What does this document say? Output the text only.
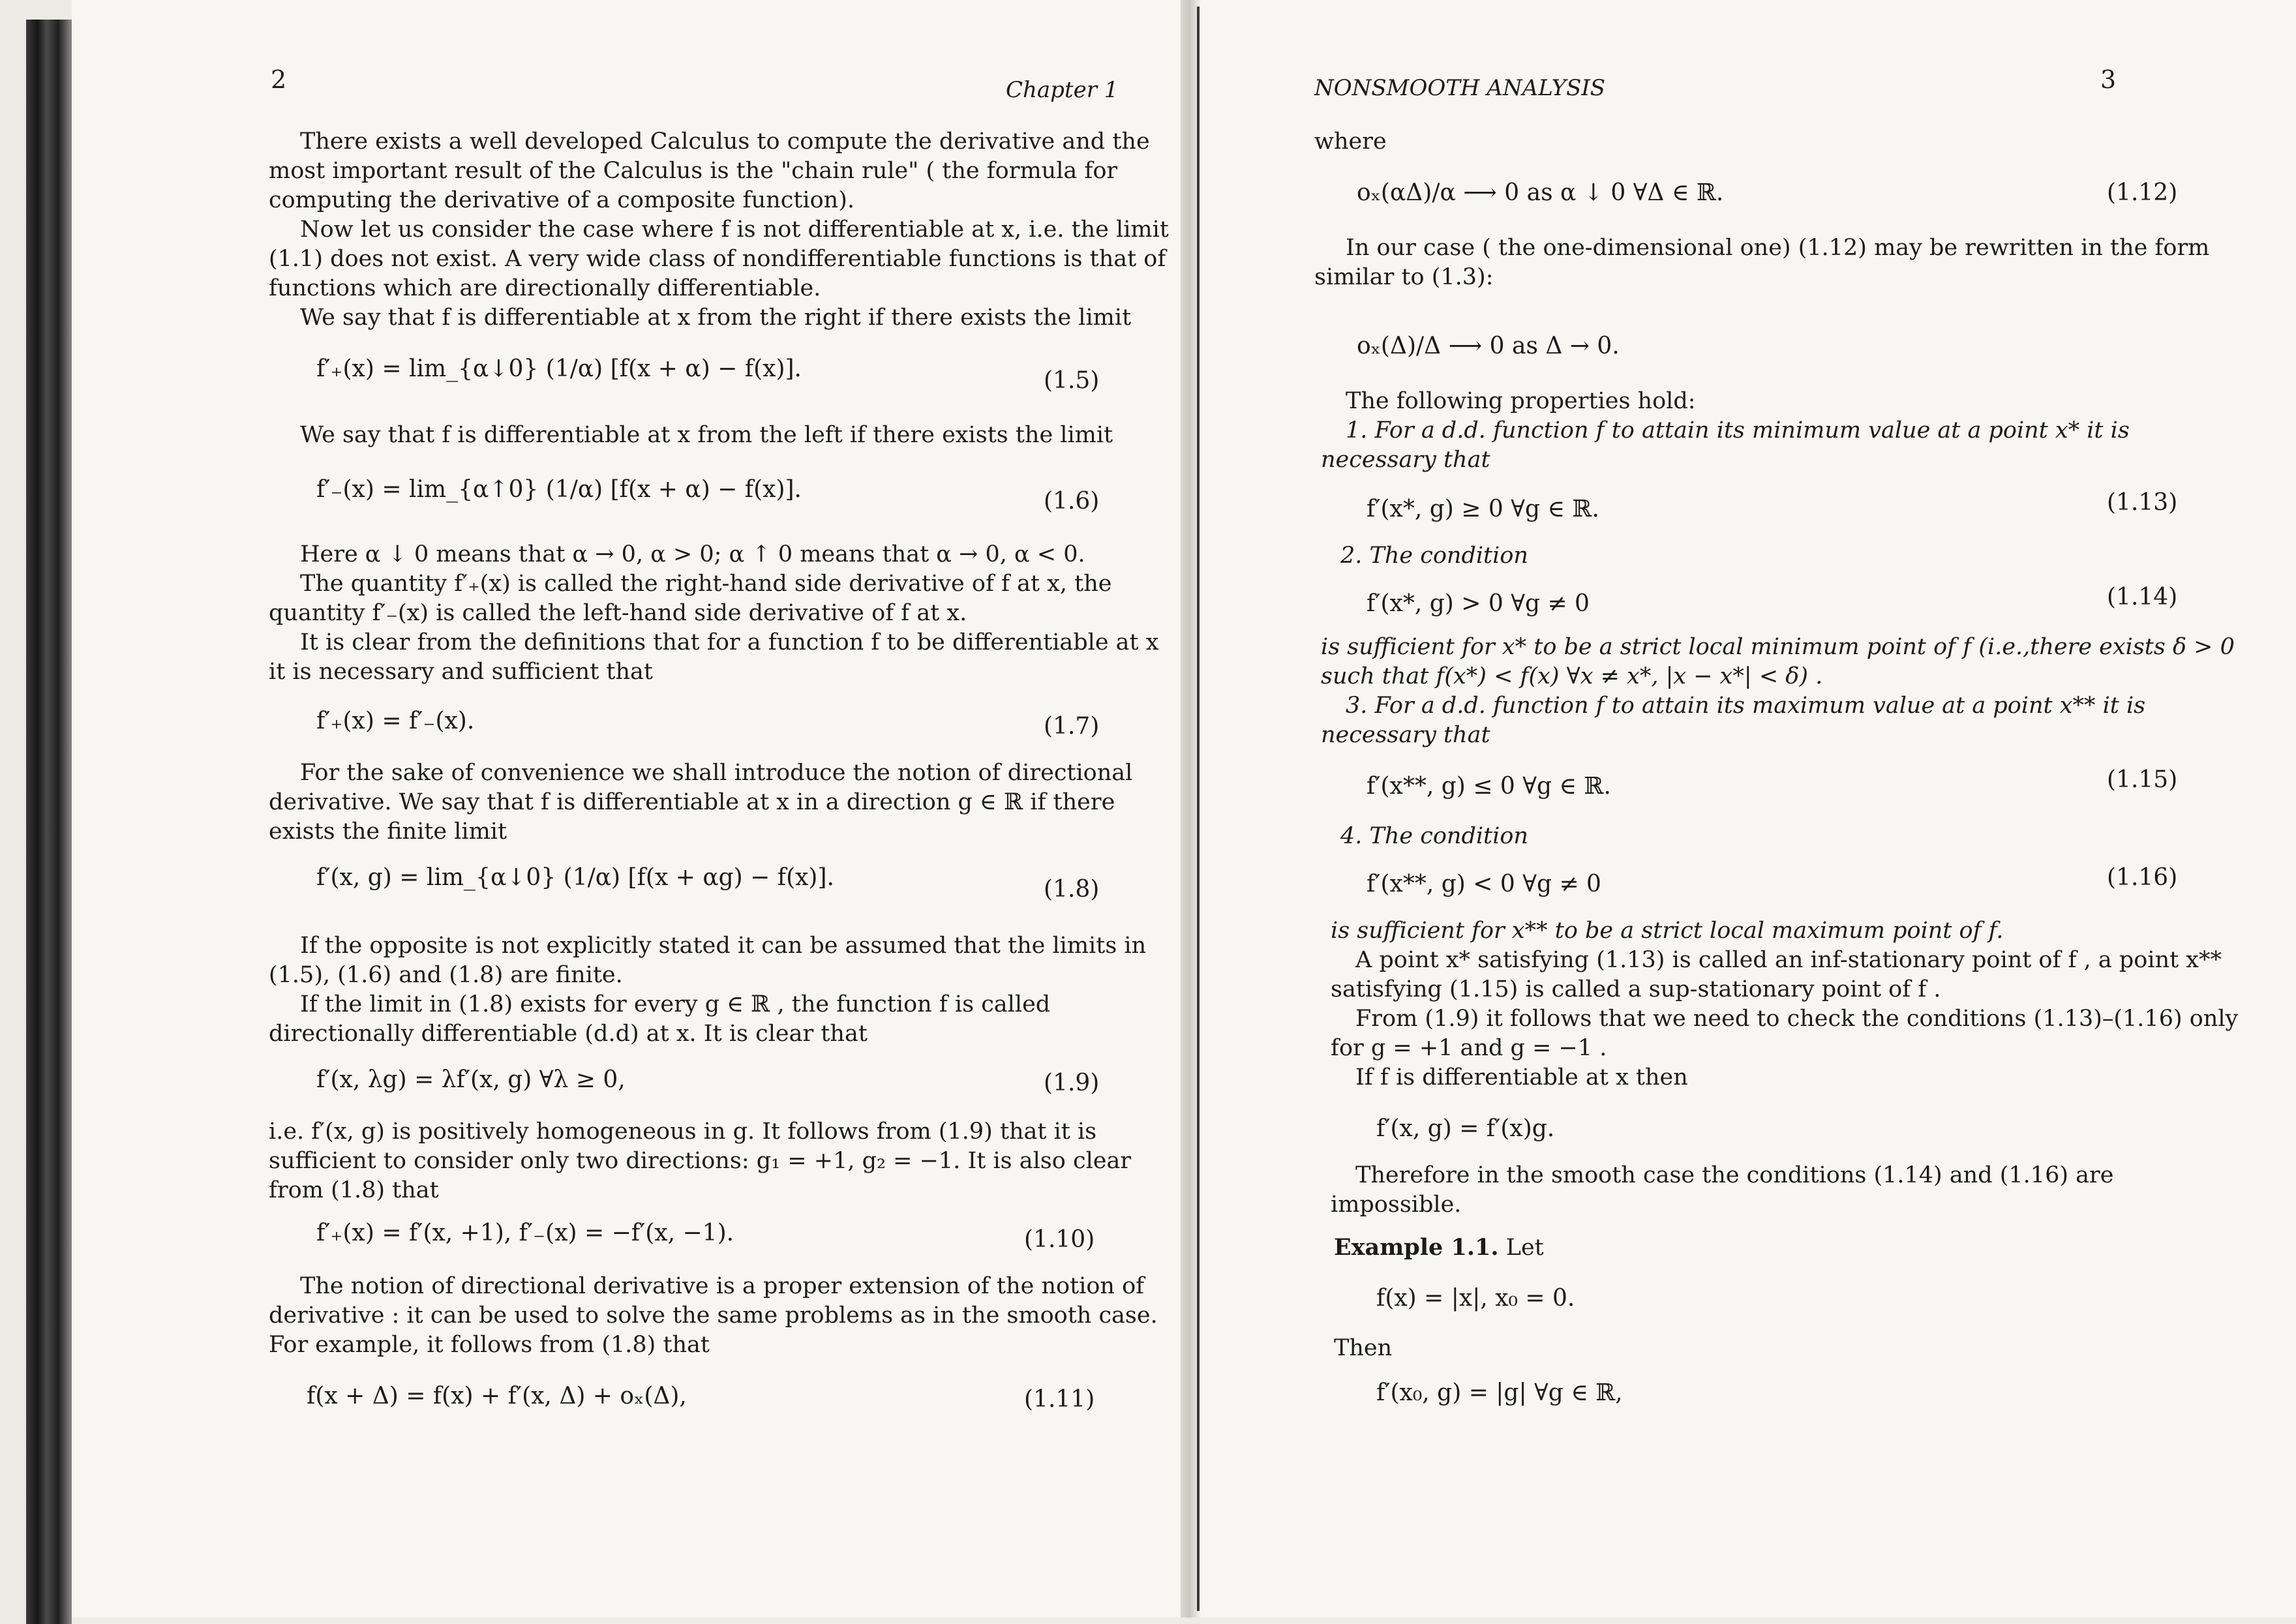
2	Chapter 1

There exists a well developed Calculus to compute the derivative and the most important result of the Calculus is the "chain rule" ( the formula for computing the derivative of a composite function).

Now let us consider the case where f is not differentiable at x, i.e. the limit (1.1) does not exist. A very wide class of nondifferentiable functions is that of functions which are directionally differentiable.

We say that f is differentiable at x from the right if there exists the limit

f′₊(x) = lim_{α↓0} (1/α) [f(x + α) − f(x)].	(1.5)

We say that f is differentiable at x from the left if there exists the limit

f′₋(x) = lim_{α↑0} (1/α) [f(x + α) − f(x)].	(1.6)

Here α ↓ 0 means that α → 0, α > 0; α ↑ 0 means that α → 0, α < 0.

The quantity f′₊(x) is called the right-hand side derivative of f at x, the quantity f′₋(x) is called the left-hand side derivative of f at x.

It is clear from the definitions that for a function f to be differentiable at x it is necessary and sufficient that

f′₊(x) = f′₋(x).	(1.7)

For the sake of convenience we shall introduce the notion of directional derivative. We say that f is differentiable at x in a direction g ∈ ℝ if there exists the finite limit

f′(x, g) = lim_{α↓0} (1/α) [f(x + αg) − f(x)].	(1.8)

If the opposite is not explicitly stated it can be assumed that the limits in (1.5), (1.6) and (1.8) are finite.

If the limit in (1.8) exists for every g ∈ ℝ , the function f is called directionally differentiable (d.d) at x. It is clear that

f′(x, λg) = λf′(x, g) ∀λ ≥ 0,	(1.9)

i.e. f′(x, g) is positively homogeneous in g. It follows from (1.9) that it is sufficient to consider only two directions: g₁ = +1, g₂ = −1. It is also clear from (1.8) that

f′₊(x) = f′(x, +1), f′₋(x) = −f′(x, −1).	(1.10)

The notion of directional derivative is a proper extension of the notion of derivative : it can be used to solve the same problems as in the smooth case. For example, it follows from (1.8) that

f(x + Δ) = f(x) + f′(x, Δ) + oₓ(Δ),	(1.11)
NONSMOOTH ANALYSIS	3

where

oₓ(αΔ)/α ⟶ 0 as α ↓ 0 ∀Δ ∈ ℝ.	(1.12)

In our case ( the one-dimensional one) (1.12) may be rewritten in the form similar to (1.3):

oₓ(Δ)/Δ ⟶ 0 as Δ → 0.

The following properties hold:

1. For a d.d. function f to attain its minimum value at a point x* it is necessary that

f′(x*, g) ≥ 0 ∀g ∈ ℝ.	(1.13)

2. The condition

f′(x*, g) > 0 ∀g ≠ 0	(1.14)

is sufficient for x* to be a strict local minimum point of f (i.e.,there exists δ > 0 such that f(x*) < f(x) ∀x ≠ x*, |x − x*| < δ) .

3. For a d.d. function f to attain its maximum value at a point x** it is necessary that

f′(x**, g) ≤ 0 ∀g ∈ ℝ.	(1.15)

4. The condition

f′(x**, g) < 0 ∀g ≠ 0	(1.16)

is sufficient for x** to be a strict local maximum point of f.

A point x* satisfying (1.13) is called an inf-stationary point of f , a point x** satisfying (1.15) is called a sup-stationary point of f .

From (1.9) it follows that we need to check the conditions (1.13)–(1.16) only for g = +1 and g = −1 .

If f is differentiable at x then

f′(x, g) = f′(x)g.

Therefore in the smooth case the conditions (1.14) and (1.16) are impossible.

Example 1.1. Let

f(x) = |x|, x₀ = 0.

Then

f′(x₀, g) = |g| ∀g ∈ ℝ,
